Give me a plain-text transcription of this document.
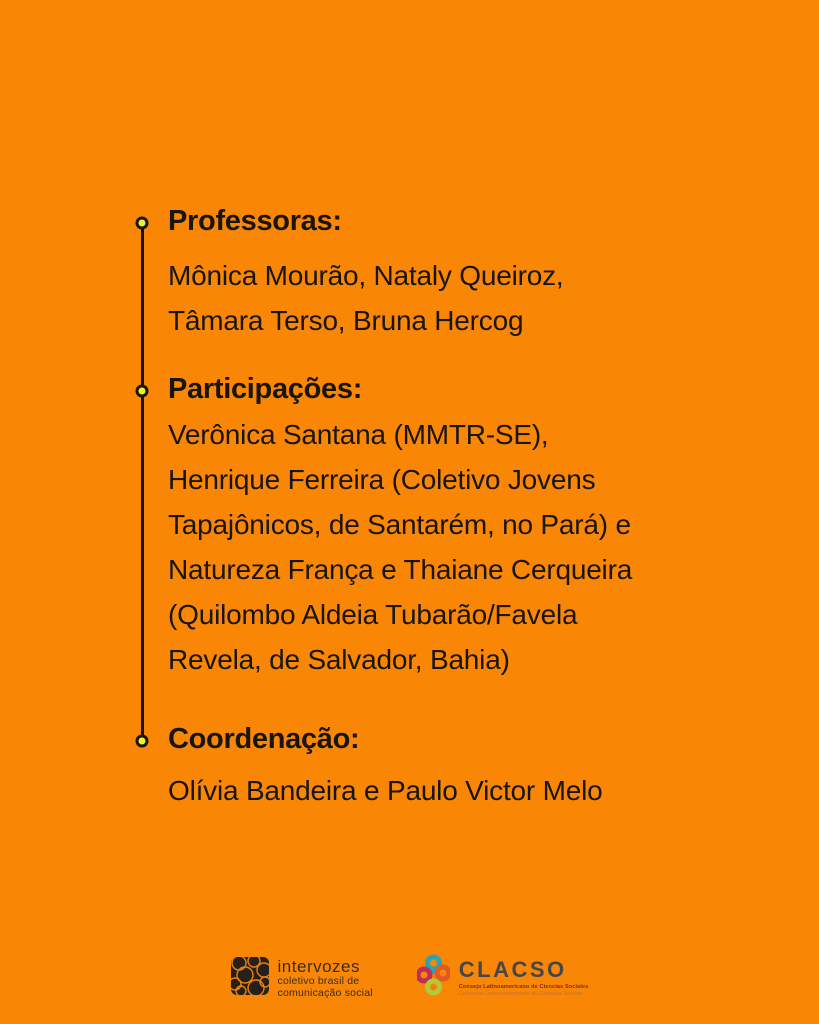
Professoras:
Mônica Mourão, Nataly Queiroz,
Tâmara Terso, Bruna Hercog
Participações:
Verônica Santana (MMTR-SE),
Henrique Ferreira (Coletivo Jovens
Tapajônicos, de Santarém, no Pará) e
Natureza França e Thaiane Cerqueira
(Quilombo Aldeia Tubarão/Favela
Revela, de Salvador, Bahia)
Coordenação:
Olívia Bandeira e Paulo Victor Melo
intervozes
coletivo brasil de
comunicação social
CLACSO
Consejo Latinoamericano de Ciencias Sociales
Conselho Latino-americano de Ciências Sociais
